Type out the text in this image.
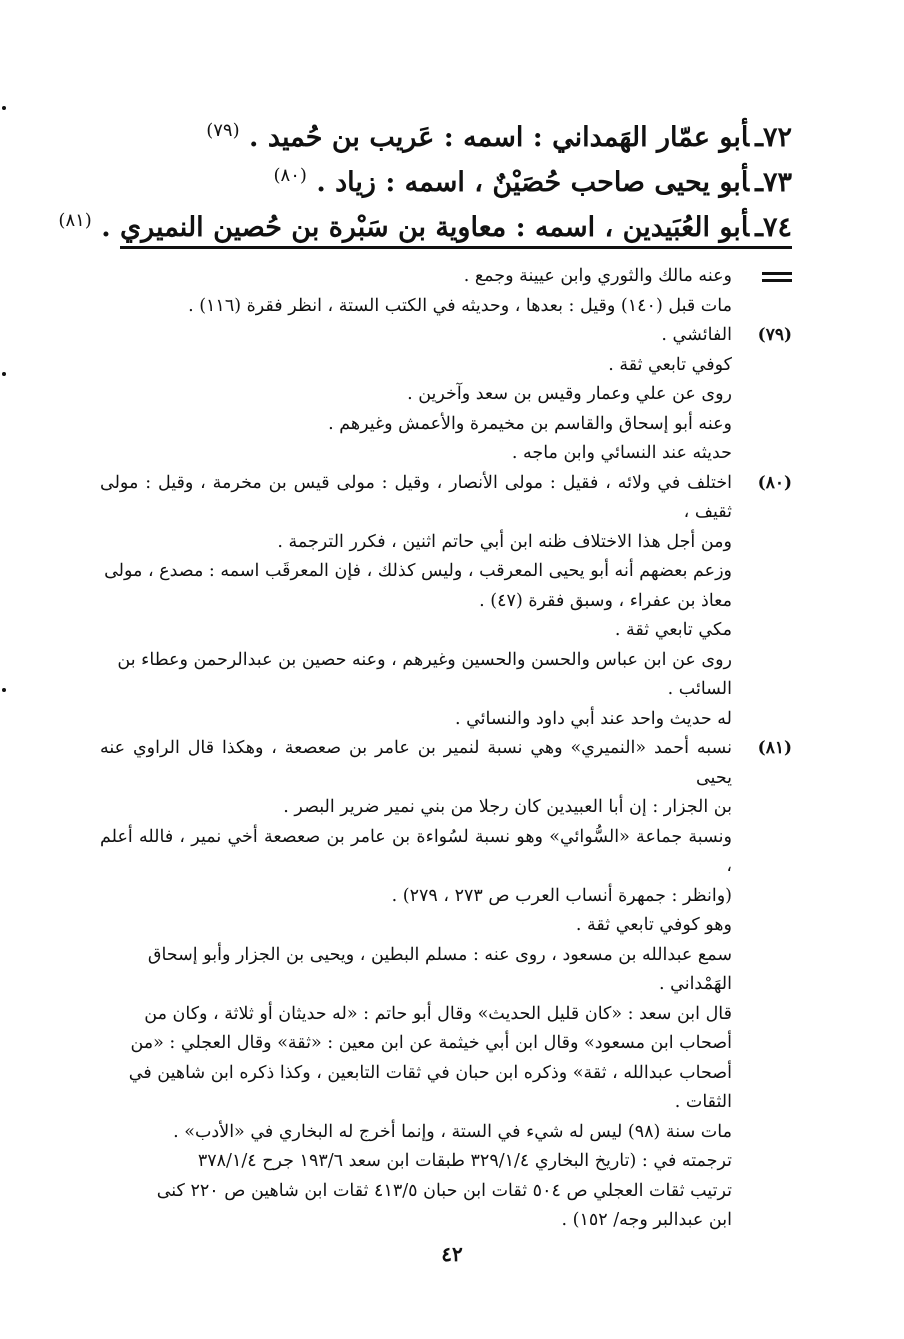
٧٢ـأبو عمّار الهَمداني : اسمه : عَريب بن حُميد . $^{(٧٩)}$
٧٣ـأبو يحيى صاحب حُصَيْنٌ ، اسمه : زياد . $^{(٨٠)}$
٧٤ـأبو العُبَيدين ، اسمه : معاوية بن سَبْرة بن حُصين النميري . $^{(٨١)}$
وعنه مالك والثوري وابن عيينة وجمع .
مات قبل (١٤٠) وقيل : بعدها ، وحديثه في الكتب الستة ، انظر فقرة (١١٦) .
(٧٩)
الفائشي .
كوفي تابعي ثقة .
روى عن علي وعمار وقيس بن سعد وآخرين .
وعنه أبو إسحاق والقاسم بن مخيمرة والأعمش وغيرهم .
حديثه عند النسائي وابن ماجه .
(٨٠)
اختلف في ولائه ، فقيل : مولى الأنصار ، وقيل : مولى قيس بن مخرمة ، وقيل : مولى ثقيف ،
ومن أجل هذا الاختلاف ظنه ابن أبي حاتم اثنين ، فكرر الترجمة .
وزعم بعضهم أنه أبو يحيى المعرقب ، وليس كذلك ، فإن المعرقَب اسمه : مصدع ، مولى
معاذ بن عفراء ، وسبق فقرة (٤٧) .
مكي تابعي ثقة .
روى عن ابن عباس والحسن والحسين وغيرهم ، وعنه حصين بن عبدالرحمن وعطاء بن
السائب .
له حديث واحد عند أبي داود والنسائي .
(٨١)
نسبه أحمد «النميري» وهي نسبة لنمير بن عامر بن صعصعة ، وهكذا قال الراوي عنه يحيى
بن الجزار : إن أبا العبيدين كان رجلا من بني نمير ضرير البصر .
ونسبة جماعة «السُّوائي» وهو نسبة لسُواءة بن عامر بن صعصعة أخي نمير ، فالله أعلم ،
(وانظر : جمهرة أنساب العرب ص ٢٧٣ ، ٢٧٩) .
وهو كوفي تابعي ثقة .
سمع عبدالله بن مسعود ، روى عنه : مسلم البطين ، ويحيى بن الجزار وأبو إسحاق
الهَمْداني .
قال ابن سعد : «كان قليل الحديث» وقال أبو حاتم : «له حديثان أو ثلاثة ، وكان من
أصحاب ابن مسعود» وقال ابن أبي خيثمة عن ابن معين : «ثقة» وقال العجلي : «من
أصحاب عبدالله ، ثقة» وذكره ابن حبان في ثقات التابعين ، وكذا ذكره ابن شاهين في
الثقات .
مات سنة (٩٨) ليس له شيء في الستة ، وإنما أخرج له البخاري في «الأدب» .
ترجمته في : (تاريخ البخاري ٣٢٩/١/٤ طبقات ابن سعد ١٩٣/٦ جرح ٣٧٨/١/٤
ترتيب ثقات العجلي ص ٥٠٤ ثقات ابن حبان ٤١٣/٥ ثقات ابن شاهين ص ٢٢٠ كنى
ابن عبدالبر وجه/ ١٥٢) .
٤٢
